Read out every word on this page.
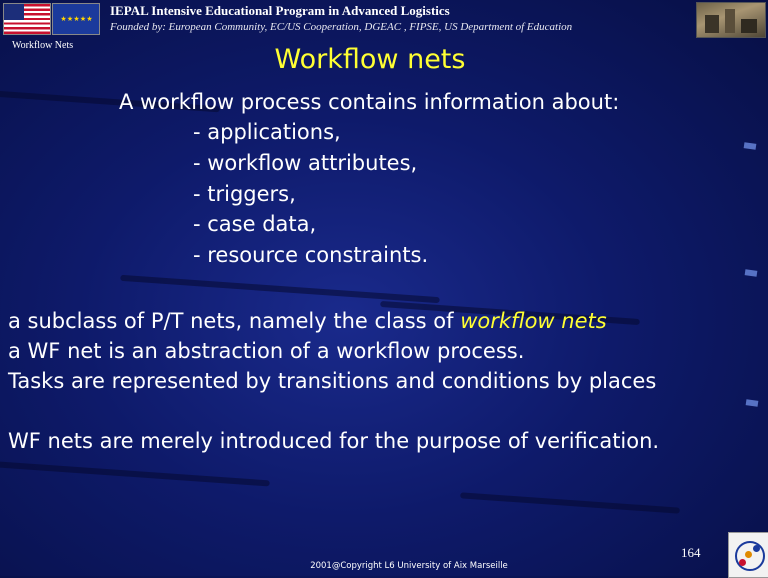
★ ★ ★ ★ ★
IEPAL Intensive Educational Program in Advanced Logistics
Founded by: European Community, EC/US Cooperation, DGEAC , FIPSE, US Department of Education
Workflow Nets	Workflow nets
A workflow process contains information about:
- applications,
- workflow attributes,
- triggers,
- case data,
- resource constraints.
a subclass of P/T nets, namely the class of workflow nets
a WF net is an abstraction of a workflow process.
Tasks are represented by transitions and conditions by places
WF nets are merely introduced for the purpose of verification.
164
2001@Copyright L6 University of Aix Marseille
